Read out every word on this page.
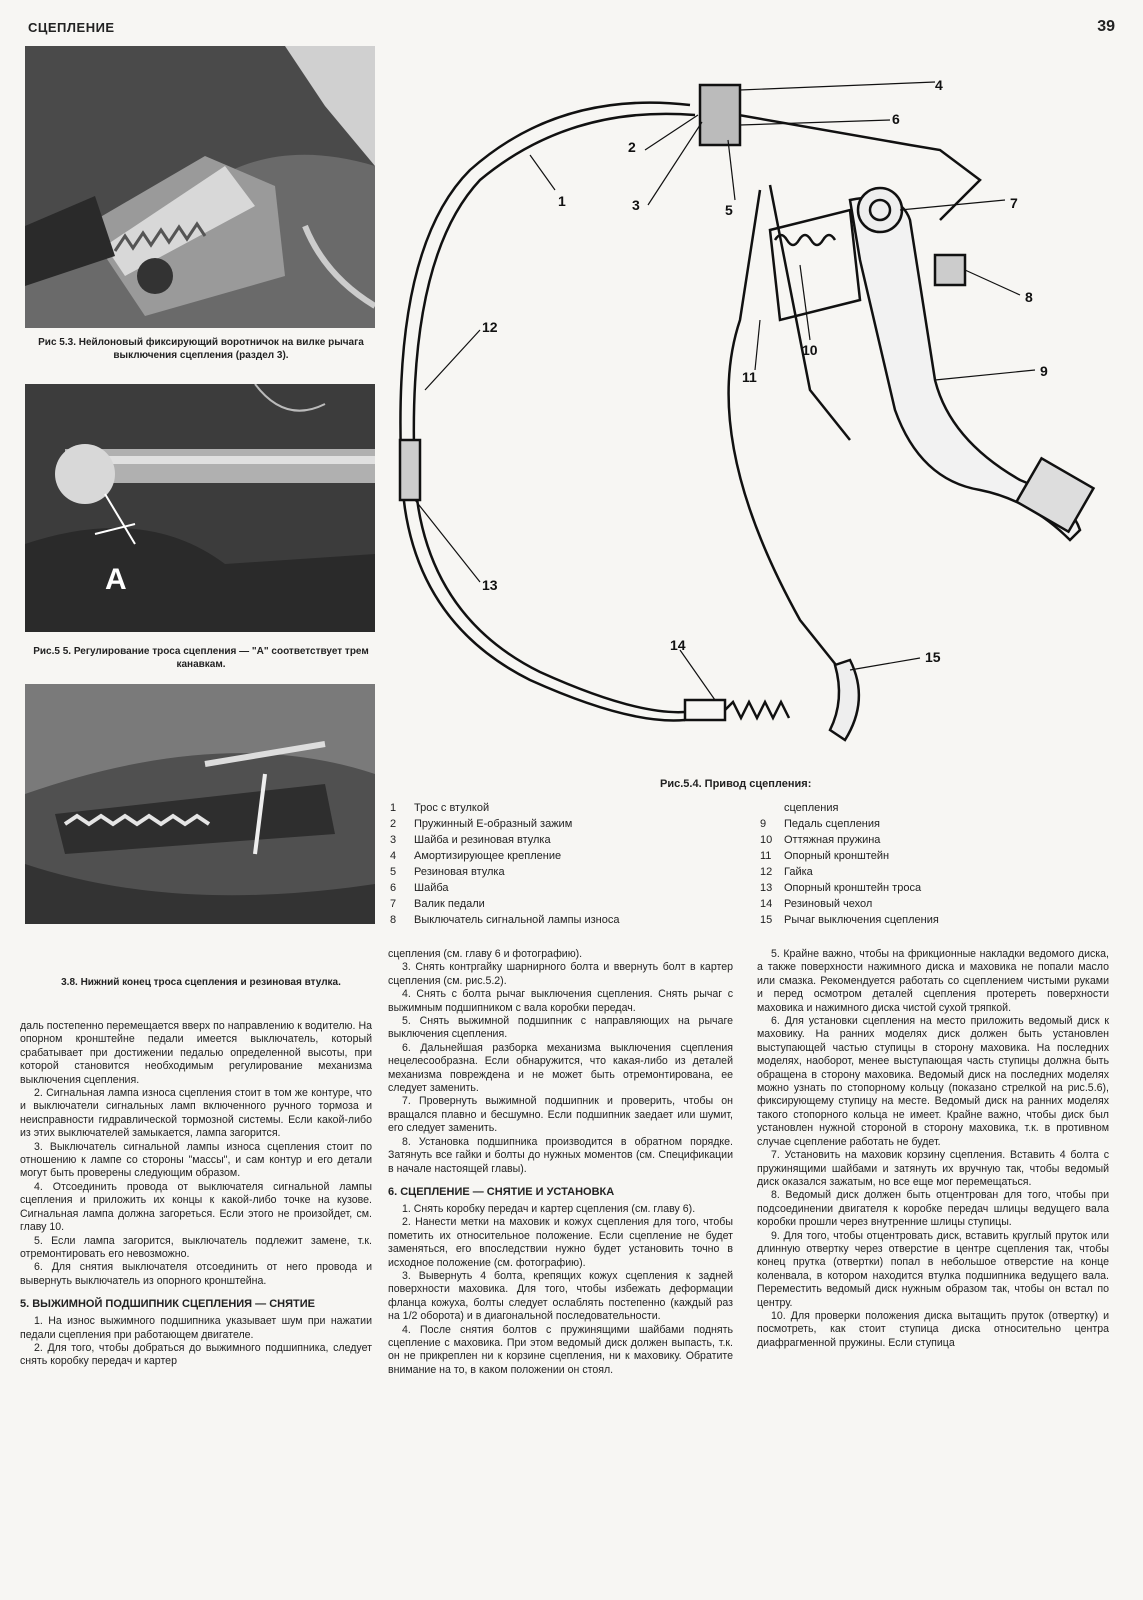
СЦЕПЛЕНИЕ	39
Рис 5.3. Нейлоновый фиксирующий воротничок на вилке рычага выключения сцепления (раздел 3).
A
Рис.5 5. Регулирование троса сцепления — "A" соответствует трем канавкам.
3.8. Нижний конец троса сцепления и резиновая втулка.
1
2
3
4
5
6
7
8
9
10
11
12
13
14
15
Рис.5.4. Привод сцепления:
1	Трос с втулкой
2	Пружинный Е-образный зажим
3	Шайба и резиновая втулка
4	Амортизирующее крепление
5	Резиновая втулка
6	Шайба
7	Валик педали
8	Выключатель сигнальной лампы износа
сцепления
9	Педаль сцепления
10	Оттяжная пружина
11	Опорный кронштейн
12	Гайка
13	Опорный кронштейн троса
14	Резиновый чехол
15	Рычаг выключения сцепления

даль постепенно перемещается вверх по направлению к водителю. На опорном кронштейне педали имеется выключатель, который срабатывает при достижении педалью определенной высоты, при которой становится необходимым регулирование механизма выключения сцепления.

2. Сигнальная лампа износа сцепления стоит в том же контуре, что и выключатели сигнальных ламп включенного ручного тормоза и неисправности гидравлической тормозной системы. Если какой-либо из этих выключателей замыкается, лампа загорится.

3. Выключатель сигнальной лампы износа сцепления стоит по отношению к лампе со стороны "массы", и сам контур и его детали могут быть проверены следующим образом.

4. Отсоединить провода от выключателя сигнальной лампы сцепления и приложить их концы к какой-либо точке на кузове. Сигнальная лампа должна загореться. Если этого не произойдет, см. главу 10.

5. Если лампа загорится, выключатель подлежит замене, т.к. отремонтировать его невозможно.

6. Для снятия выключателя отсоединить от него провода и вывернуть выключатель из опорного кронштейна.

5. ВЫЖИМНОЙ ПОДШИПНИК СЦЕПЛЕНИЯ — СНЯТИЕ

1. На износ выжимного подшипника указывает шум при нажатии педали сцепления при работающем двигателе.

2. Для того, чтобы добраться до выжимного подшипника, следует снять коробку передач и картер

сцепления (см. главу 6 и фотографию).

3. Снять контргайку шарнирного болта и ввернуть болт в картер сцепления (см. рис.5.2).

4. Снять с болта рычаг выключения сцепления. Снять рычаг с выжимным подшипником с вала коробки передач.

5. Снять выжимной подшипник с направляющих на рычаге выключения сцепления.

6. Дальнейшая разборка механизма выключения сцепления нецелесообразна. Если обнаружится, что какая-либо из деталей механизма повреждена и не может быть отремонтирована, ее следует заменить.

7. Провернуть выжимной подшипник и проверить, чтобы он вращался плавно и бесшумно. Если подшипник заедает или шумит, его следует заменить.

8. Установка подшипника производится в обратном порядке. Затянуть все гайки и болты до нужных моментов (см. Спецификации в начале настоящей главы).

6. СЦЕПЛЕНИЕ — СНЯТИЕ И УСТАНОВКА

1. Снять коробку передач и картер сцепления (см. главу 6).

2. Нанести метки на маховик и кожух сцепления для того, чтобы пометить их относительное положение. Если сцепление не будет заменяться, его впоследствии нужно будет установить точно в исходное положение (см. фотографию).

3. Вывернуть 4 болта, крепящих кожух сцепления к задней поверхности маховика. Для того, чтобы избежать деформации фланца кожуха, болты следует ослаблять постепенно (каждый раз на 1/2 оборота) и в диагональной последовательности.

4. После снятия болтов с пружинящими шайбами поднять сцепление с маховика. При этом ведомый диск должен выпасть, т.к. он не прикреплен ни к корзине сцепления, ни к маховику. Обратите внимание на то, в каком положении он стоял.

5. Крайне важно, чтобы на фрикционные накладки ведомого диска, а также поверхности нажимного диска и маховика не попали масло или смазка. Рекомендуется работать со сцеплением чистыми руками и перед осмотром деталей сцепления протереть поверхности маховика и нажимного диска чистой сухой тряпкой.

6. Для установки сцепления на место приложить ведомый диск к маховику. На ранних моделях диск должен быть установлен выступающей частью ступицы в сторону маховика. На последних моделях, наоборот, менее выступающая часть ступицы должна быть обращена в сторону маховика. Ведомый диск на последних моделях можно узнать по стопорному кольцу (показано стрелкой на рис.5.6), фиксирующему ступицу на месте. Ведомый диск на ранних моделях такого стопорного кольца не имеет. Крайне важно, чтобы диск был установлен нужной стороной в сторону маховика, т.к. в противном случае сцепление работать не будет.

7. Установить на маховик корзину сцепления. Вставить 4 болта с пружинящими шайбами и затянуть их вручную так, чтобы ведомый диск оказался зажатым, но все еще мог перемещаться.

8. Ведомый диск должен быть отцентрован для того, чтобы при подсоединении двигателя к коробке передач шлицы ведущего вала коробки прошли через внутренние шлицы ступицы.

9. Для того, чтобы отцентровать диск, вставить круглый пруток или длинную отвертку через отверстие в центре сцепления так, чтобы конец прутка (отвертки) попал в небольшое отверстие на конце коленвала, в котором находится втулка подшипника ведущего вала. Переместить ведомый диск нужным образом так, чтобы он встал по центру.

10. Для проверки положения диска вытащить пруток (отвертку) и посмотреть, как стоит ступица диска относительно центра диафрагменной пружины. Если ступица
